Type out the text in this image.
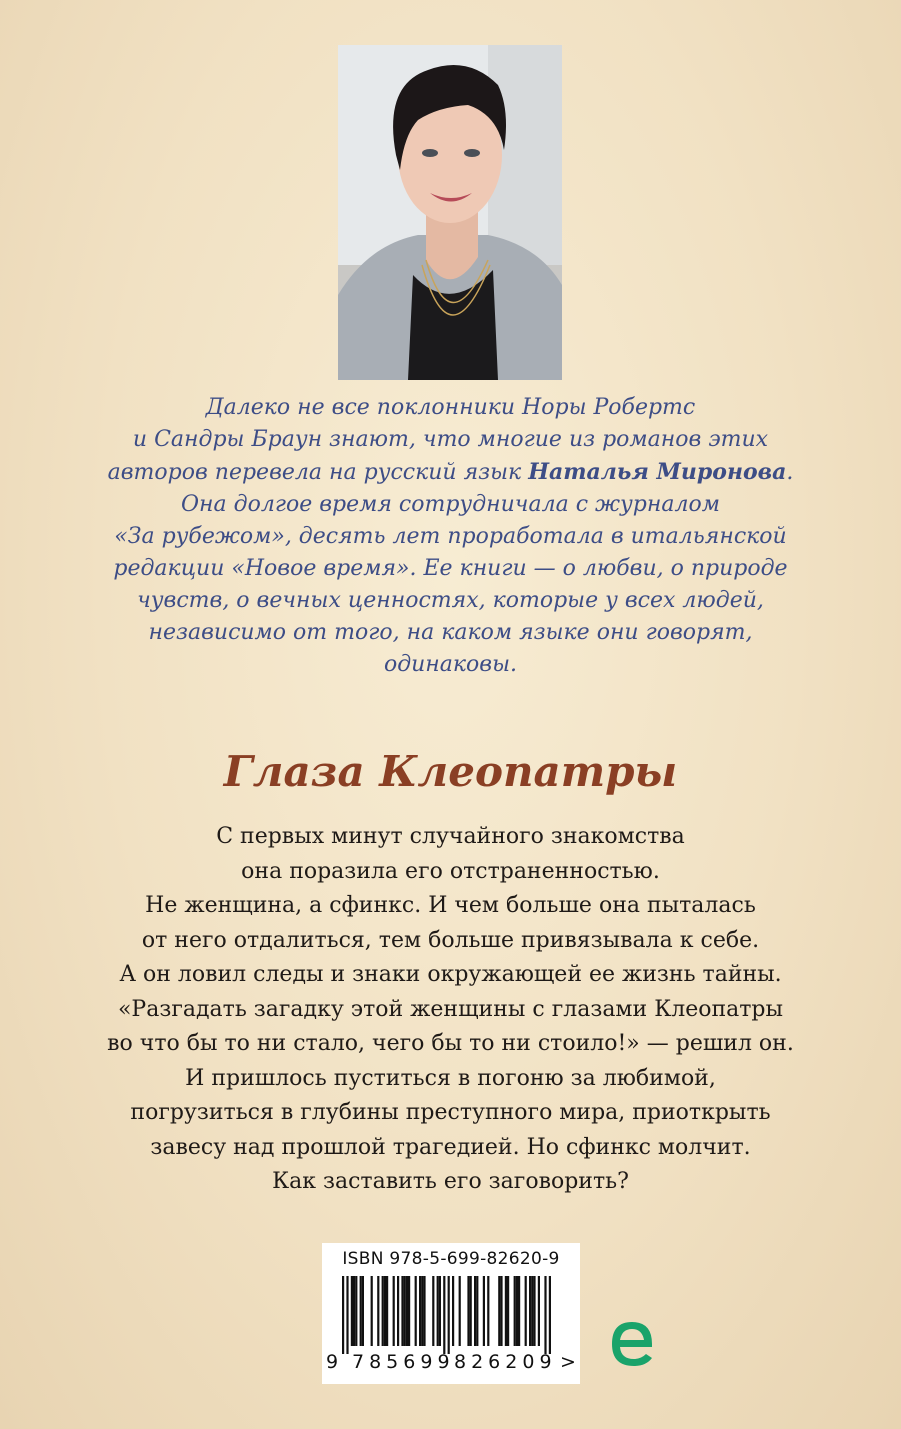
Далеко не все поклонники Норы Робертс
и Сандры Браун знают, что многие из романов этих
авторов перевела на русский язык Наталья Миронова.
Она долгое время сотрудничала с журналом
«За рубежом», десять лет проработала в итальянской
редакции «Новое время». Ее книги — о любви, о природе
чувств, о вечных ценностях, которые у всех людей,
независимо от того, на каком языке они говорят,
одинаковы.
Глаза Клеопатры
С первых минут случайного знакомства
она поразила его отстраненностью.
Не женщина, а сфинкс. И чем больше она пыталась
от него отдалиться, тем больше привязывала к себе.
А он ловил следы и знаки окружающей ее жизнь тайны.
«Разгадать загадку этой женщины с глазами Клеопатры
во что бы то ни стало, чего бы то ни стоило!» — решил он.
И пришлось пуститься в погоню за любимой,
погрузиться в глубины преступного мира, приоткрыть
завесу над прошлой трагедией. Но сфинкс молчит.
Как заставить его заговорить?
ISBN 978-5-699-82620-9
9 785699 826209 >
